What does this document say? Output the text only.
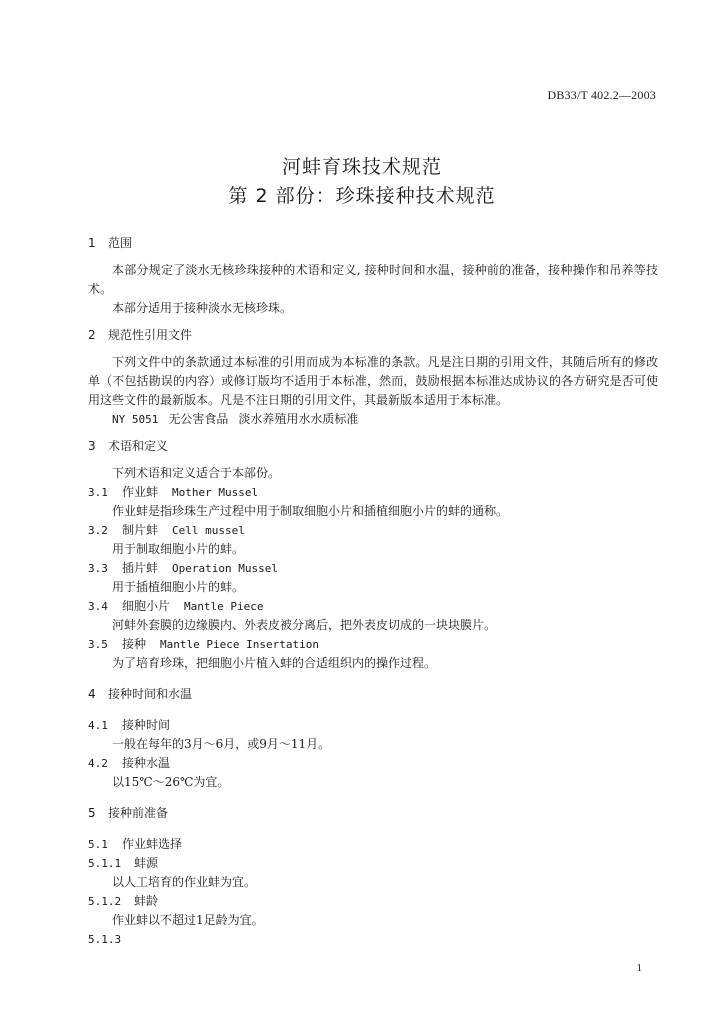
DB33/T 402.2—2003
河蚌育珠技术规范
第 2 部份：珍珠接种技术规范
1 范围
本部分规定了淡水无核珍珠接种的术语和定义, 接种时间和水温，接种前的准备，接种操作和吊养等技术。
本部分适用于接种淡水无核珍珠。
2 规范性引用文件
下列文件中的条款通过本标准的引用而成为本标准的条款。凡是注日期的引用文件，其随后所有的修改单（不包括勘误的内容）或修订版均不适用于本标准，然而，鼓励根据本标准达成协议的各方研究是否可使用这些文件的最新版本。凡是不注日期的引用文件，其最新版本适用于本标准。
NY 5051 无公害食品 淡水养殖用水水质标准
3 术语和定义
下列术语和定义适合于本部份。
3.1 作业蚌 Mother Mussel
作业蚌是指珍珠生产过程中用于制取细胞小片和插植细胞小片的蚌的通称。
3.2 制片蚌 Cell mussel
用于制取细胞小片的蚌。
3.3 插片蚌 Operation Mussel
用于插植细胞小片的蚌。
3.4 细胞小片 Mantle Piece
河蚌外套膜的边缘膜内、外表皮被分离后，把外表皮切成的一块块膜片。
3.5 接种 Mantle Piece Insertation
为了培育珍珠，把细胞小片植入蚌的合适组织内的操作过程。
4 接种时间和水温
4.1 接种时间
一般在每年的3月～6月，或9月～11月。
4.2 接种水温
以15℃～26℃为宜。
5 接种前准备
5.1 作业蚌选择
5.1.1 蚌源
以人工培育的作业蚌为宜。
5.1.2 蚌龄
作业蚌以不超过1足龄为宜。
5.1.3
1
